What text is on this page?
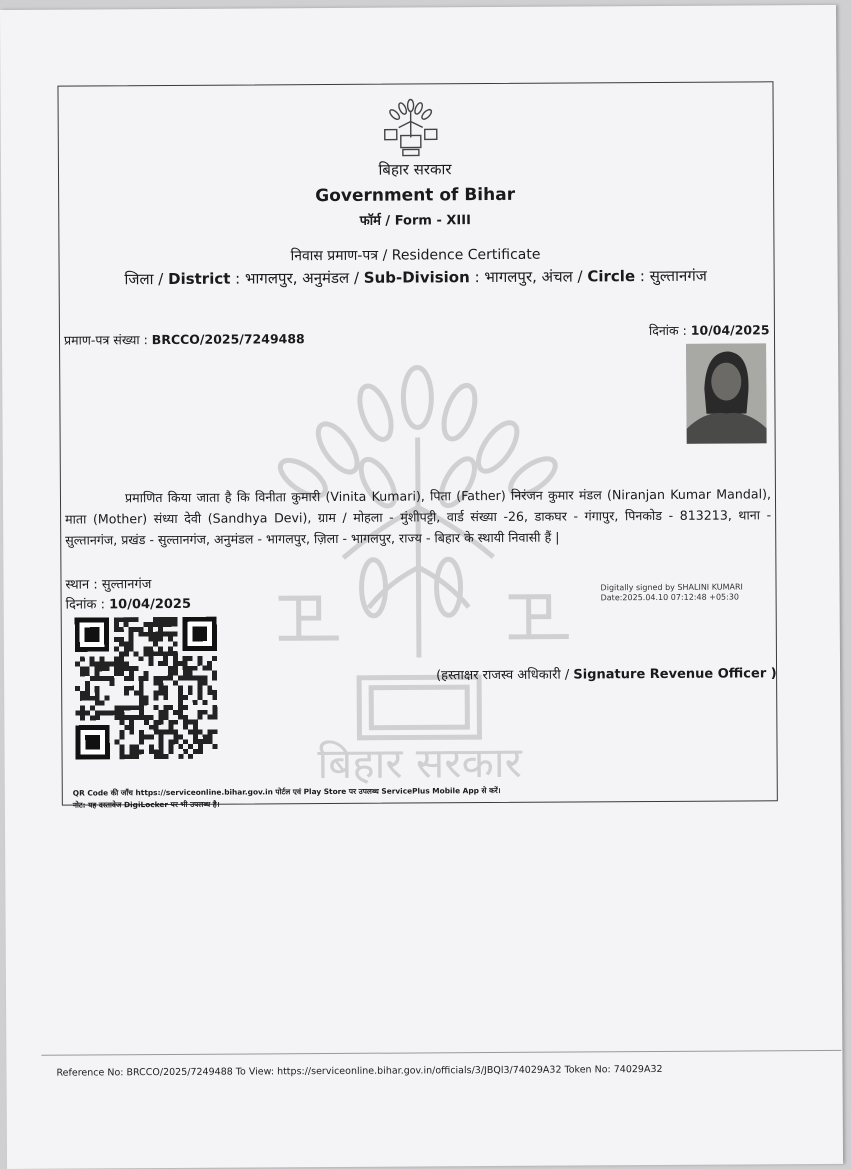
बिहार सरकार
बिहार सरकार
Government of Bihar
फॉर्म / Form - XIII
निवास प्रमाण-पत्र / Residence Certificate
जिला / District : भागलपुर, अनुमंडल / Sub-Division : भागलपुर, अंचल / Circle : सुल्तानगंज
प्रमाण-पत्र संख्या : BRCCO/2025/7249488
दिनांक : 10/04/2025

प्रमाणित किया जाता है कि विनीता कुमारी (Vinita Kumari), पिता (Father) निरंजन कुमार मंडल (Niranjan Kumar Mandal), माता (Mother) संध्या देवी (Sandhya Devi), ग्राम / मोहला - मुंशीपट्टी, वार्ड संख्या -26, डाकघर - गंगापुर, पिनकोड - 813213, थाना - सुल्तानगंज, प्रखंड - सुल्तानगंज, अनुमंडल - भागलपुर, ज़िला - भागलपुर, राज्य - बिहार के स्थायी निवासी हैं |

स्थान : सुल्तानगंज
दिनांक : 10/04/2025
Digitally signed by SHALINI KUMARI
Date:2025.04.10 07:12:48 +05:30
(हस्ताक्षर राजस्व अधिकारी / Signature Revenue Officer )
QR Code की जाँच https://serviceonline.bihar.gov.in पोर्टल एवं Play Store पर उपलब्ध ServicePlus Mobile App से करें।
नोट: यह दस्तावेज DigiLocker पर भी उपलब्ध है।
Reference No: BRCCO/2025/7249488 To View: https://serviceonline.bihar.gov.in/officials/3/JBQl3/74029A32 Token No: 74029A32
